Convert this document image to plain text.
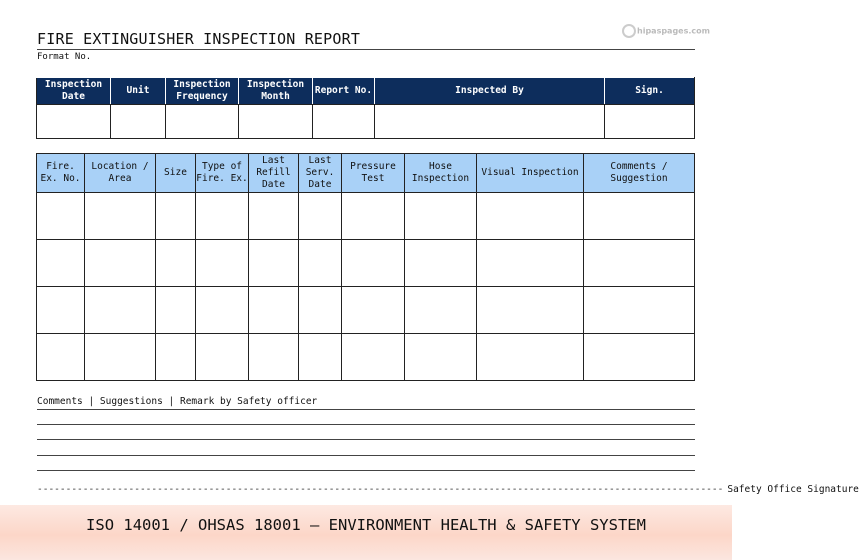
FIRE EXTINGUISHER INSPECTION REPORT
Format No.
hipaspages.com
Inspection Date	Unit	Inspection Frequency	Inspection Month	Report No.	Inspected By	Sign.

Fire. Ex. No.	Location / Area	Size	Type of Fire. Ex.	Last Refill Date	Last Serv. Date	Pressure Test	Hose Inspection	Visual Inspection	Comments / Suggestion

Comments | Suggestions | Remark by Safety officer
------------------------------------------------------------------------------------------------------------------------ Safety Office Signature
ISO 14001 / OHSAS 18001 – ENVIRONMENT HEALTH & SAFETY SYSTEM
